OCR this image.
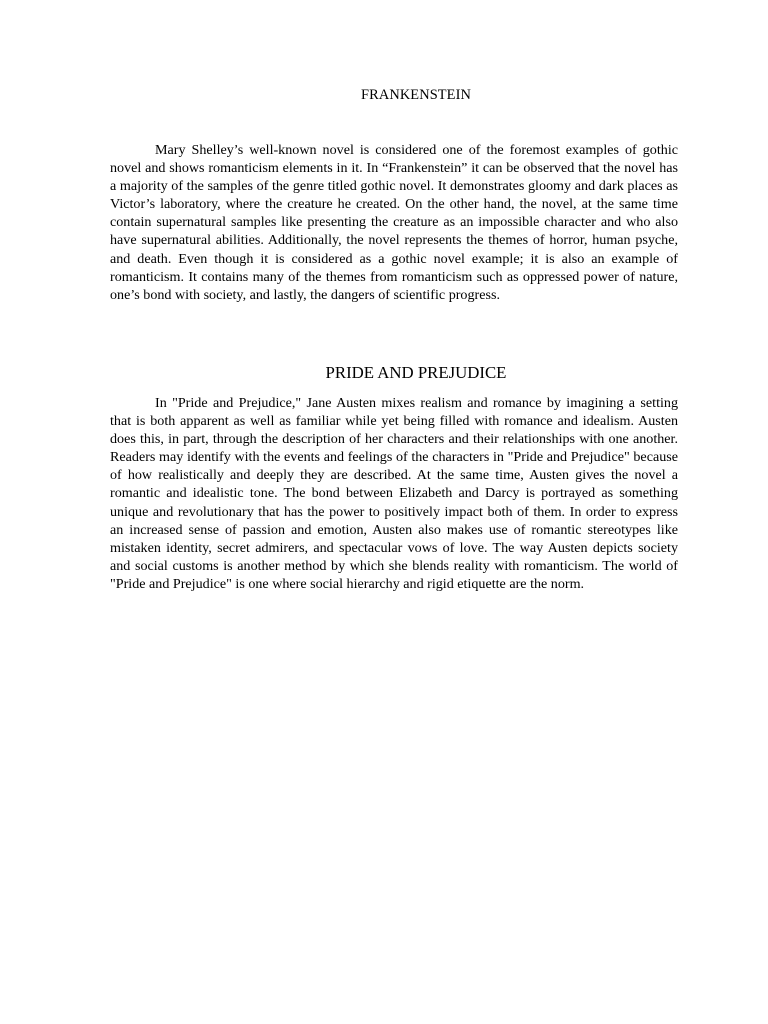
FRANKENSTEIN

Mary Shelley’s well-known novel is considered one of the foremost examples of gothic novel and shows romanticism elements in it. In “Frankenstein” it can be observed that the novel has a majority of the samples of the genre titled gothic novel. It demonstrates gloomy and dark places as Victor’s laboratory, where the creature he created. On the other hand, the novel, at the same time contain supernatural samples like presenting the creature as an impossible character and who also have supernatural abilities. Additionally, the novel represents the themes of horror, human psyche, and death. Even though it is considered as a gothic novel example; it is also an example of romanticism. It contains many of the themes from romanticism such as oppressed power of nature, one’s bond with society, and lastly, the dangers of scientific progress.

PRIDE AND PREJUDICE

In "Pride and Prejudice," Jane Austen mixes realism and romance by imagining a setting that is both apparent as well as familiar while yet being filled with romance and idealism. Austen does this, in part, through the description of her characters and their relationships with one another. Readers may identify with the events and feelings of the characters in "Pride and Prejudice" because of how realistically and deeply they are described. At the same time, Austen gives the novel a romantic and idealistic tone. The bond between Elizabeth and Darcy is portrayed as something unique and revolutionary that has the power to positively impact both of them. In order to express an increased sense of passion and emotion, Austen also makes use of romantic stereotypes like mistaken identity, secret admirers, and spectacular vows of love. The way Austen depicts society and social customs is another method by which she blends reality with romanticism. The world of "Pride and Prejudice" is one where social hierarchy and rigid etiquette are the norm.
